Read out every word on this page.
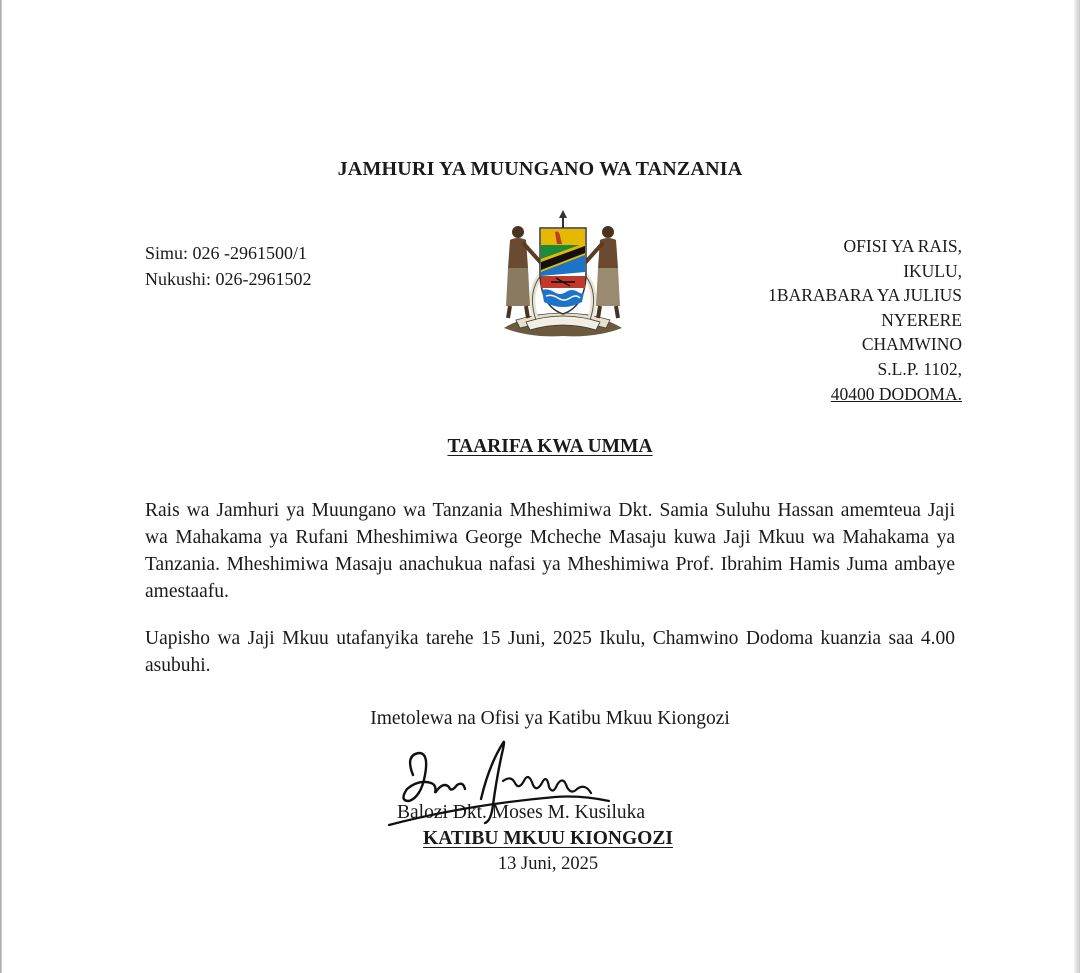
JAMHURI YA MUUNGANO WA TANZANIA
Simu: 026 -2961500/1
Nukushi: 026-2961502
OFISI YA RAIS,
IKULU,
1BARABARA YA JULIUS
NYERERE
CHAMWINO
S.L.P. 1102,
40400 DODOMA.
TAARIFA KWA UMMA

Rais wa Jamhuri ya Muungano wa Tanzania Mheshimiwa Dkt. Samia Suluhu Hassan amemteua Jaji wa Mahakama ya Rufani Mheshimiwa George Mcheche Masaju kuwa Jaji Mkuu wa Mahakama ya Tanzania. Mheshimiwa Masaju anachukua nafasi ya Mheshimiwa Prof. Ibrahim Hamis Juma ambaye amestaafu.

Uapisho wa Jaji Mkuu utafanyika tarehe 15 Juni, 2025 Ikulu, Chamwino Dodoma kuanzia saa 4.00 asubuhi.

Imetolewa na Ofisi ya Katibu Mkuu Kiongozi
Balozi Dkt. Moses M. Kusiluka
KATIBU MKUU KIONGOZI
13 Juni, 2025
